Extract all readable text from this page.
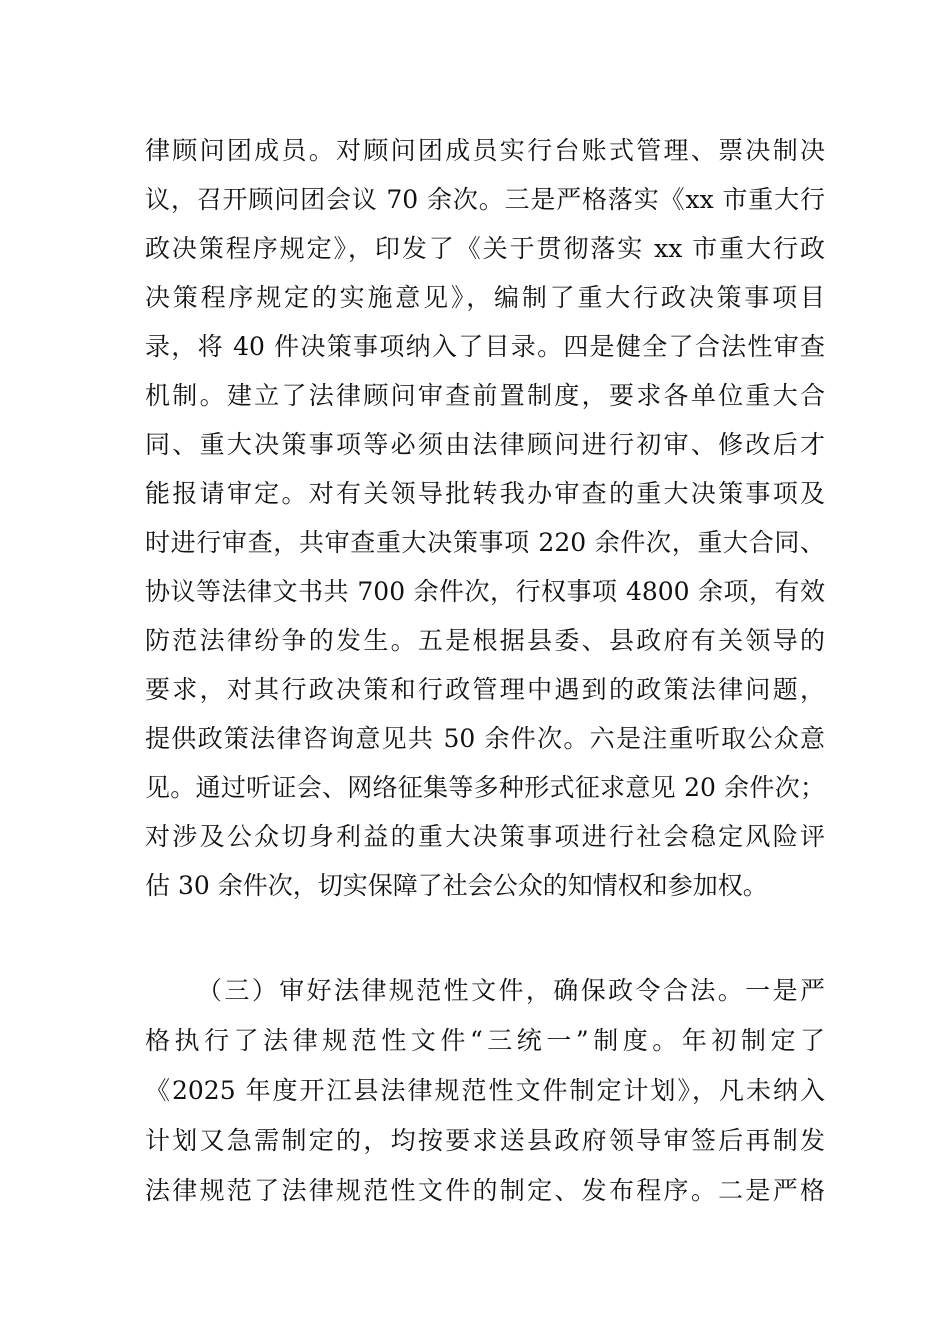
律顾问团成员。对顾问团成员实行台账式管理、票决制决

议，召开顾问团会议 70 余次。三是严格落实《xx 市重大行

政决策程序规定》，印发了《关于贯彻落实 xx 市重大行政

决策程序规定的实施意见》，编制了重大行政决策事项目

录，将 40 件决策事项纳入了目录。四是健全了合法性审查

机制。建立了法律顾问审查前置制度，要求各单位重大合

同、重大决策事项等必须由法律顾问进行初审、修改后才

能报请审定。对有关领导批转我办审查的重大决策事项及

时进行审查，共审查重大决策事项 220 余件次，重大合同、

协议等法律文书共 700 余件次，行权事项 4800 余项，有效

防范法律纷争的发生。五是根据县委、县政府有关领导的

要求，对其行政决策和行政管理中遇到的政策法律问题，

提供政策法律咨询意见共 50 余件次。六是注重听取公众意

见。通过听证会、网络征集等多种形式征求意见 20 余件次；

对涉及公众切身利益的重大决策事项进行社会稳定风险评

估 30 余件次，切实保障了社会公众的知情权和参加权。

（三）审好法律规范性文件，确保政令合法。一是严

格执行了法律规范性文件“三统一”制度。年初制定了

《2025 年度开江县法律规范性文件制定计划》，凡未纳入

计划又急需制定的，均按要求送县政府领导审签后再制发

法律规范了法律规范性文件的制定、发布程序。二是严格
